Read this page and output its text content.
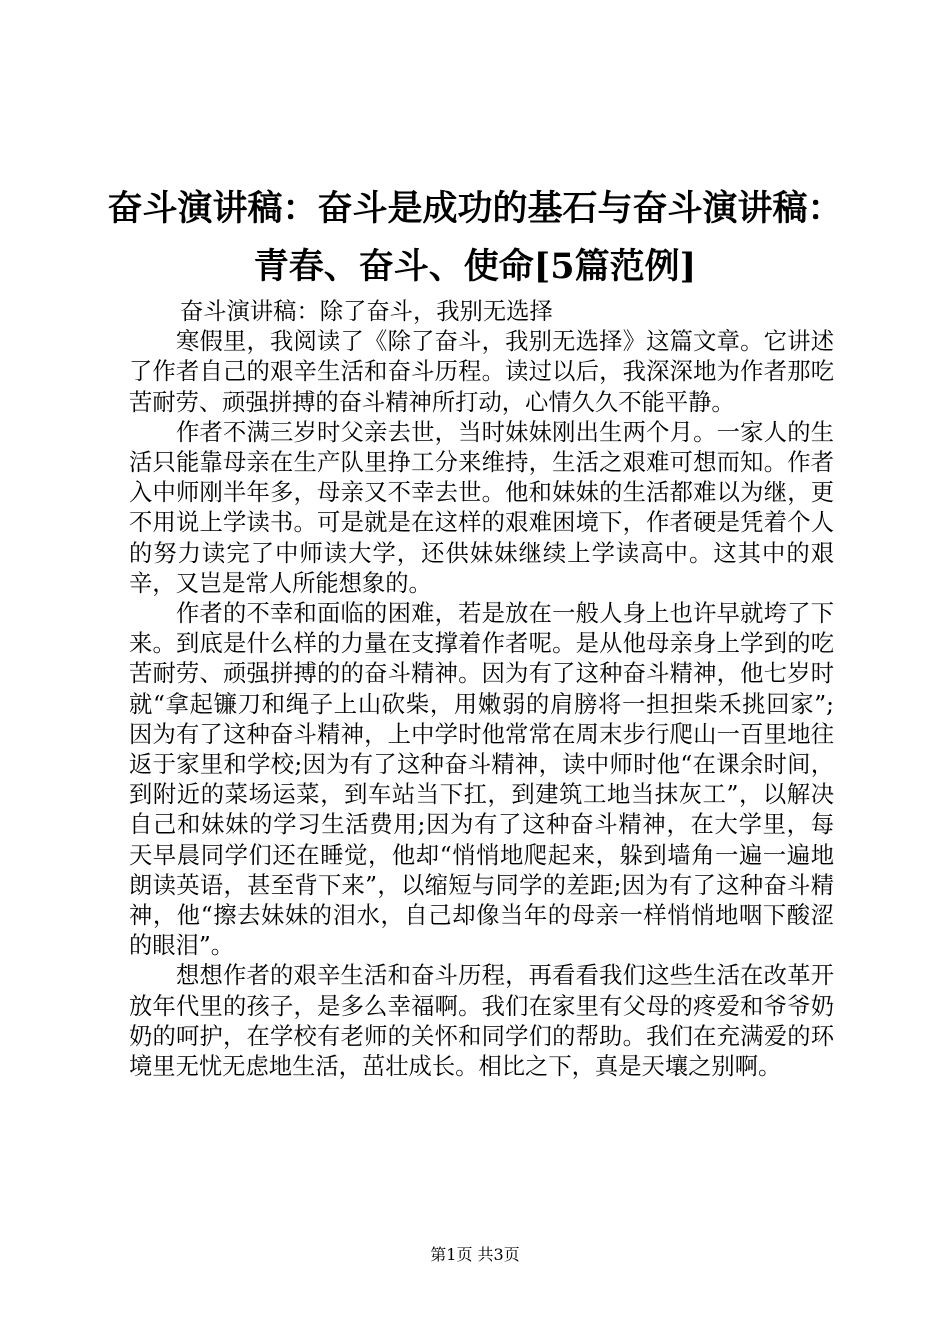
奋斗演讲稿：奋斗是成功的基石与奋斗演讲稿：
青春、奋斗、使命[5篇范例]

奋斗演讲稿：除了奋斗，我别无选择

寒假里，我阅读了《除了奋斗，我别无选择》这篇文章。它讲述了作者自己的艰辛生活和奋斗历程。读过以后，我深深地为作者那吃苦耐劳、顽强拼搏的奋斗精神所打动，心情久久不能平静。

作者不满三岁时父亲去世，当时妹妹刚出生两个月。一家人的生活只能靠母亲在生产队里挣工分来维持，生活之艰难可想而知。作者入中师刚半年多，母亲又不幸去世。他和妹妹的生活都难以为继，更不用说上学读书。可是就是在这样的艰难困境下，作者硬是凭着个人的努力读完了中师读大学，还供妹妹继续上学读高中。这其中的艰辛，又岂是常人所能想象的。

作者的不幸和面临的困难，若是放在一般人身上也许早就垮了下来。到底是什么样的力量在支撑着作者呢。是从他母亲身上学到的吃苦耐劳、顽强拼搏的的奋斗精神。因为有了这种奋斗精神，他七岁时就“拿起镰刀和绳子上山砍柴，用嫩弱的肩膀将一担担柴禾挑回家”;因为有了这种奋斗精神，上中学时他常常在周末步行爬山一百里地往返于家里和学校;因为有了这种奋斗精神，读中师时他“在课余时间，到附近的菜场运菜，到车站当下扛，到建筑工地当抹灰工”，以解决自己和妹妹的学习生活费用;因为有了这种奋斗精神，在大学里，每天早晨同学们还在睡觉，他却“悄悄地爬起来，躲到墙角一遍一遍地朗读英语，甚至背下来”，以缩短与同学的差距;因为有了这种奋斗精神，他“擦去妹妹的泪水，自己却像当年的母亲一样悄悄地咽下酸涩的眼泪”。

想想作者的艰辛生活和奋斗历程，再看看我们这些生活在改革开放年代里的孩子，是多么幸福啊。我们在家里有父母的疼爱和爷爷奶奶的呵护，在学校有老师的关怀和同学们的帮助。我们在充满爱的环境里无忧无虑地生活，茁壮成长。相比之下，真是天壤之别啊。

第1页 共3页
